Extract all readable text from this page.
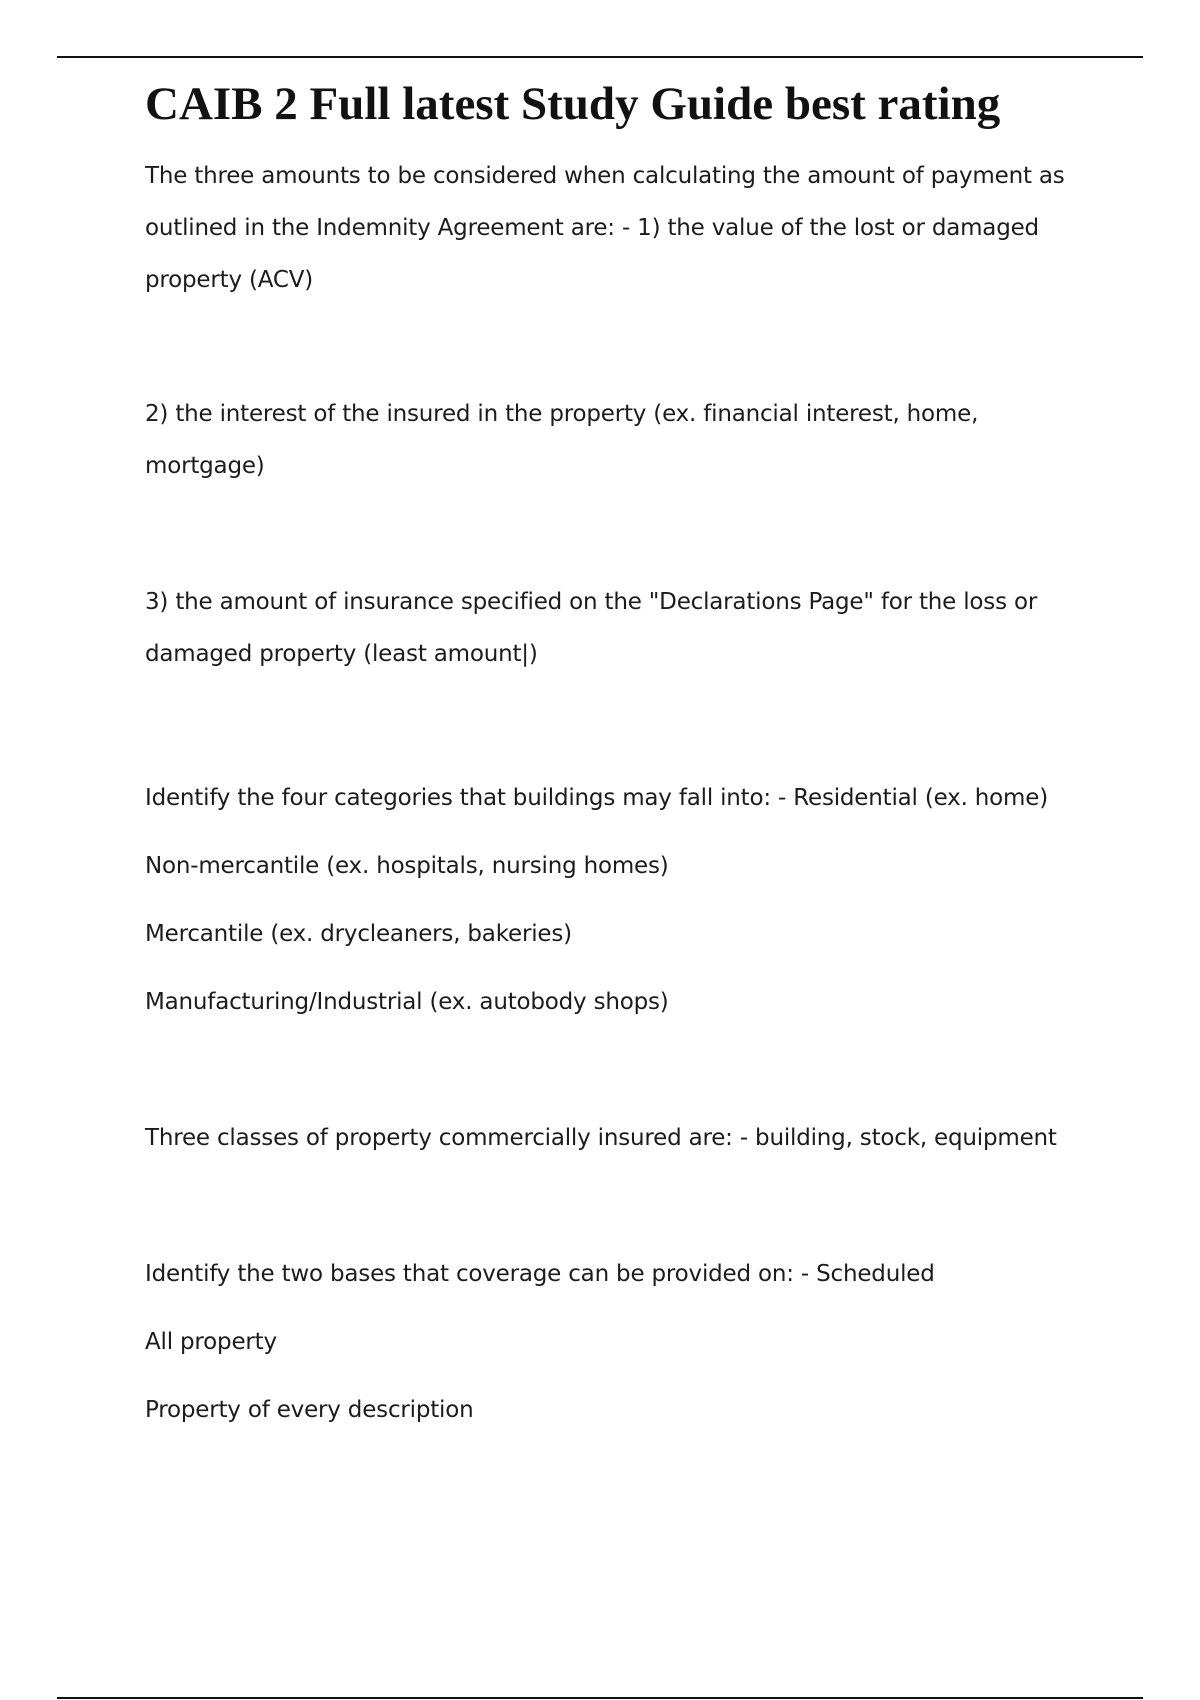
CAIB 2 Full latest Study Guide best rating

The three amounts to be considered when calculating the amount of payment as outlined in the Indemnity Agreement are: - 1) the value of the lost or damaged property (ACV)

2) the interest of the insured in the property (ex. financial interest, home, mortgage)

3) the amount of insurance specified on the "Declarations Page" for the loss or damaged property (least amount|)

Identify the four categories that buildings may fall into: - Residential (ex. home)

Non-mercantile (ex. hospitals, nursing homes)

Mercantile (ex. drycleaners, bakeries)

Manufacturing/Industrial (ex. autobody shops)

Three classes of property commercially insured are: - building, stock, equipment

Identify the two bases that coverage can be provided on: - Scheduled

All property

Property of every description
